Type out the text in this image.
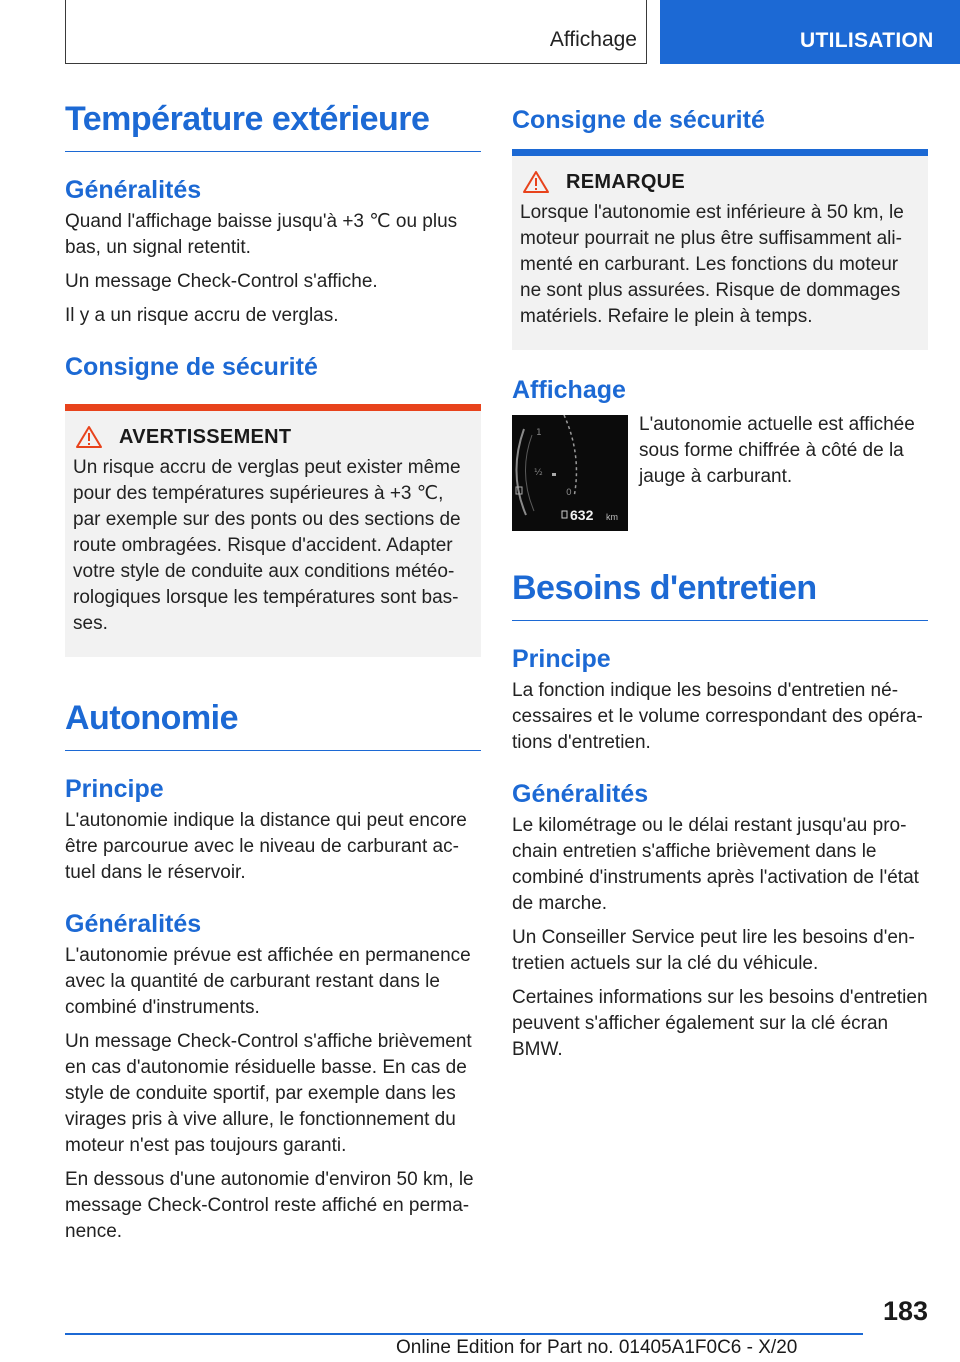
Affichage	UTILISATION
Température extérieure
Généralités

Quand l'affichage baisse jusqu'à +3 ℃ ou plus bas, un signal retentit.

Un message Check-Control s'affiche.

Il y a un risque accru de verglas.

Consigne de sécurité
AVERTISSEMENT

Un risque accru de verglas peut exister même pour des températures supérieures à +3 ℃, par exemple sur des ponts ou des sections de route ombragées. Risque d'accident. Adapter votre style de conduite aux conditions météorologiques lorsque les températures sont basses.

Autonomie
Principe

L'autonomie indique la distance qui peut encore être parcourue avec le niveau de carburant actuel dans le réservoir.

Généralités

L'autonomie prévue est affichée en permanence avec la quantité de carburant restant dans le combiné d'instruments.

Un message Check-Control s'affiche brièvement en cas d'autonomie résiduelle basse. En cas de style de conduite sportif, par exemple dans les virages pris à vive allure, le fonctionnement du moteur n'est pas toujours garanti.

En dessous d'une autonomie d'environ 50 km, le message Check-Control reste affiché en permanence.

Consigne de sécurité
REMARQUE

Lorsque l'autonomie est inférieure à 50 km, le moteur pourrait ne plus être suffisamment alimenté en carburant. Les fonctions du moteur ne sont plus assurées. Risque de dommages matériels. Refaire le plein à temps.

Affichage
1
½
0
632 km

L'autonomie actuelle est affichée sous forme chiffrée à côté de la jauge à carburant.

Besoins d'entretien
Principe

La fonction indique les besoins d'entretien nécessaires et le volume correspondant des opérations d'entretien.

Généralités

Le kilométrage ou le délai restant jusqu'au prochain entretien s'affiche brièvement dans le combiné d'instruments après l'activation de l'état de marche.

Un Conseiller Service peut lire les besoins d'entretien actuels sur la clé du véhicule.

Certaines informations sur les besoins d'entretien peuvent s'afficher également sur la clé écran BMW.

183
Online Edition for Part no. 01405A1F0C6 - X/20
